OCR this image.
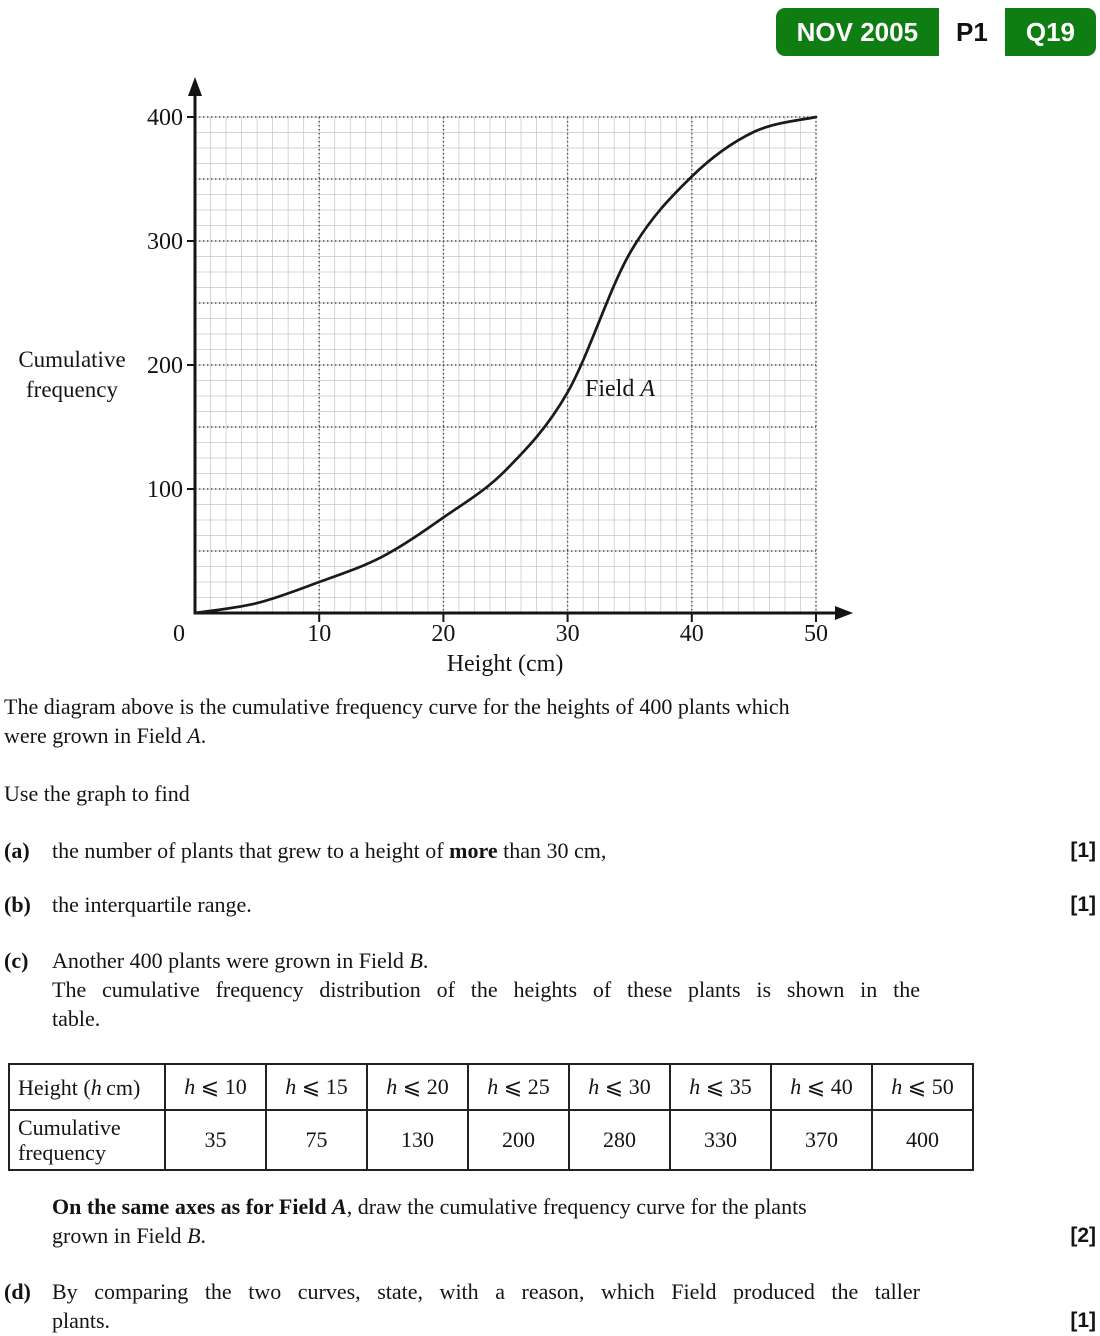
NOV 2005	P1	Q19
100
200
300
400
10	20	30	40	50
0
Cumulative
frequency
Height (cm)
Field A
The diagram above is the cumulative frequency curve for the heights of 400 plants which
were grown in Field A.
Use the graph to find
(a) the number of plants that grew to a height of more than 30 cm,	[1]
(b) the interquartile range.	[1]
(c) Another 400 plants were grown in Field B.
The cumulative frequency distribution of the heights of these plants is shown in the
table.
Height (h cm)	h ⩽ 10	h ⩽ 15	h ⩽ 20	h ⩽ 25	h ⩽ 30	h ⩽ 35	h ⩽ 40	h ⩽ 50
Cumulative
frequency	35	75	130	200	280	330	370	400
On the same axes as for Field A, draw the cumulative frequency curve for the plants
grown in Field B.	[2]
(d) By comparing the two curves, state, with a reason, which Field produced the taller
plants.	[1]
